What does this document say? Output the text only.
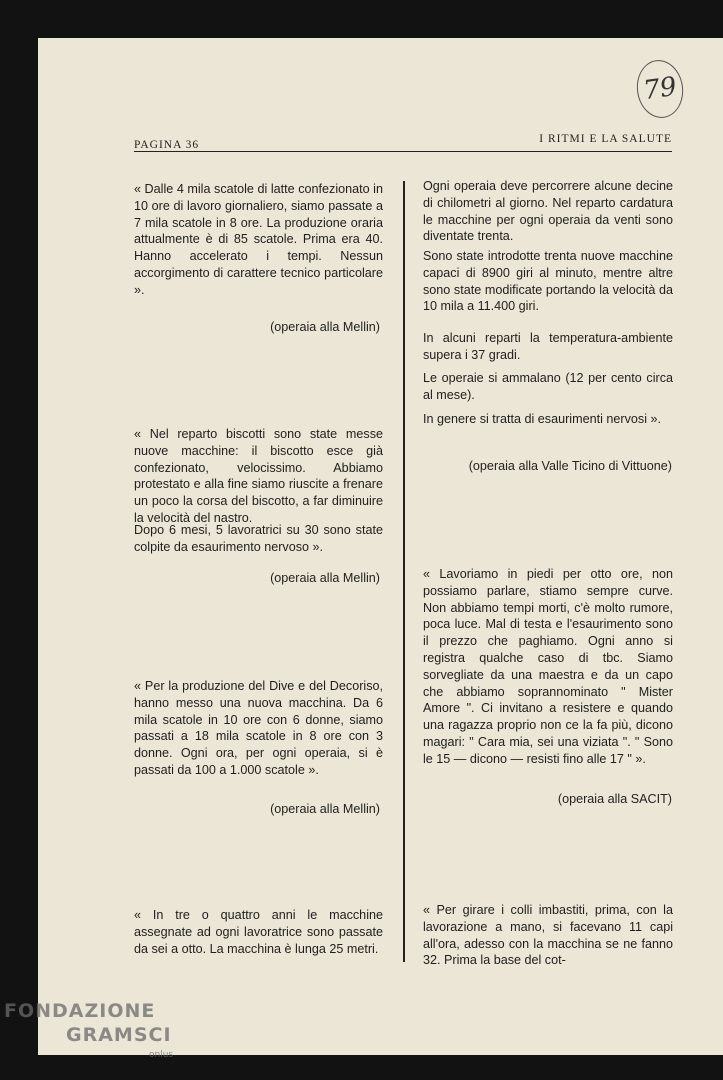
79
PAGINA 36	I RITMI E LA SALUTE
« Dalle 4 mila scatole di latte confezionato in 10 ore di lavoro giornaliero, siamo passate a 7 mila scatole in 8 ore. La produzione oraria attualmente è di 85 scatole. Prima era 40. Hanno accelerato i tempi. Nessun accorgimento di carattere tecnico particolare ».
(operaia alla Mellin)
« Nel reparto biscotti sono state messe nuove macchine: il biscotto esce già confezionato, velocissimo. Abbiamo protestato e alla fine siamo riuscite a frenare un poco la corsa del biscotto, a far diminuire la velocità del nastro.
Dopo 6 mesi, 5 lavoratrici su 30 sono state colpite da esaurimento nervoso ».
(operaia alla Mellin)
« Per la produzione del Dive e del Decoriso, hanno messo una nuova macchina. Da 6 mila scatole in 10 ore con 6 donne, siamo passati a 18 mila scatole in 8 ore con 3 donne. Ogni ora, per ogni operaia, si è passati da 100 a 1.000 scatole ».
(operaia alla Mellin)
« In tre o quattro anni le macchine assegnate ad ogni lavoratrice sono passate da sei a otto. La macchina è lunga 25 metri.
Ogni operaia deve percorrere alcune decine di chilometri al giorno. Nel reparto cardatura le macchine per ogni operaia da venti sono diventate trenta.
Sono state introdotte trenta nuove macchine capaci di 8900 giri al minuto, mentre altre sono state modificate portando la velocità da 10 mila a 11.400 giri.
In alcuni reparti la temperatura-ambiente supera i 37 gradi.
Le operaie si ammalano (12 per cento circa al mese).
In genere si tratta di esaurimenti nervosi ».
(operaia alla Valle Ticino di Vittuone)
« Lavoriamo in piedi per otto ore, non possiamo parlare, stiamo sempre curve. Non abbiamo tempi morti, c'è molto rumore, poca luce. Mal di testa e l'esaurimento sono il prezzo che paghiamo. Ogni anno si registra qualche caso di tbc. Siamo sorvegliate da una maestra e da un capo che abbiamo soprannominato " Mister Amore ". Ci invitano a resistere e quando una ragazza proprio non ce la fa più, dicono magari: " Cara mia, sei una viziata ". " Sono le 15 — dicono — resisti fino alle 17 " ».
(operaia alla SACIT)
« Per girare i colli imbastiti, prima, con la lavorazione a mano, si facevano 11 capi all'ora, adesso con la macchina se ne fanno 32. Prima la base del cot-
FONDAZIONE
GRAMSCI
onlus
